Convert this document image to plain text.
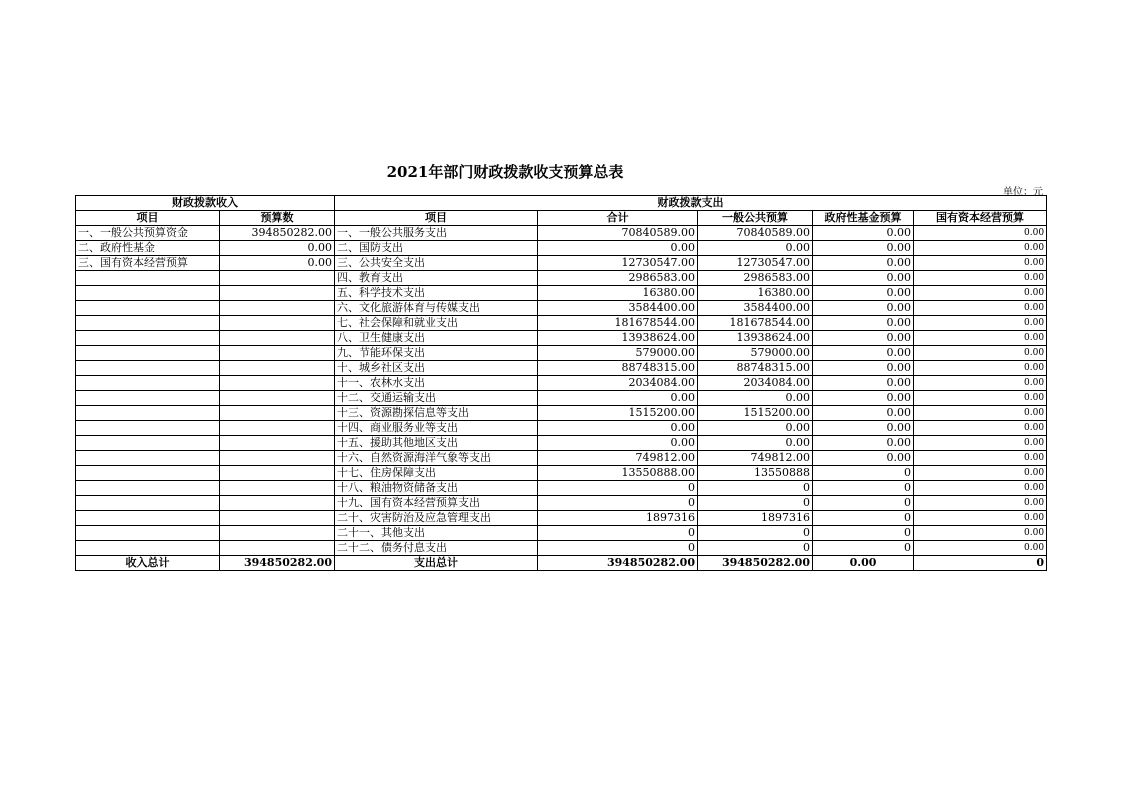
2021年部门财政拨款收支预算总表
单位：元
财政拨款收入		财政拨款支出				
项目	预算数	项目	合计	一般公共预算	政府性基金预算	国有资本经营预算
一、一般公共预算资金	394850282.00	一、一般公共服务支出	70840589.00	70840589.00	0.00	0.00
二、政府性基金	0.00	二、国防支出	0.00	0.00	0.00	0.00
三、国有资本经营预算	0.00	三、公共安全支出	12730547.00	12730547.00	0.00	0.00
		四、教育支出	2986583.00	2986583.00	0.00	0.00
		五、科学技术支出	16380.00	16380.00	0.00	0.00
		六、文化旅游体育与传媒支出	3584400.00	3584400.00	0.00	0.00
		七、社会保障和就业支出	181678544.00	181678544.00	0.00	0.00
		八、卫生健康支出	13938624.00	13938624.00	0.00	0.00
		九、节能环保支出	579000.00	579000.00	0.00	0.00
		十、城乡社区支出	88748315.00	88748315.00	0.00	0.00
		十一、农林水支出	2034084.00	2034084.00	0.00	0.00
		十二、交通运输支出	0.00	0.00	0.00	0.00
		十三、资源勘探信息等支出	1515200.00	1515200.00	0.00	0.00
		十四、商业服务业等支出	0.00	0.00	0.00	0.00
		十五、援助其他地区支出	0.00	0.00	0.00	0.00
		十六、自然资源海洋气象等支出	749812.00	749812.00	0.00	0.00
		十七、住房保障支出	13550888.00	13550888	0	0.00
		十八、粮油物资储备支出	0	0	0	0.00
		十九、国有资本经营预算支出	0	0	0	0.00
		二十、灾害防治及应急管理支出	1897316	1897316	0	0.00
		二十一、其他支出	0	0	0	0.00
		二十二、债务付息支出	0	0	0	0.00
收入总计	394850282.00	支出总计	394850282.00	394850282.00	0.00	0
